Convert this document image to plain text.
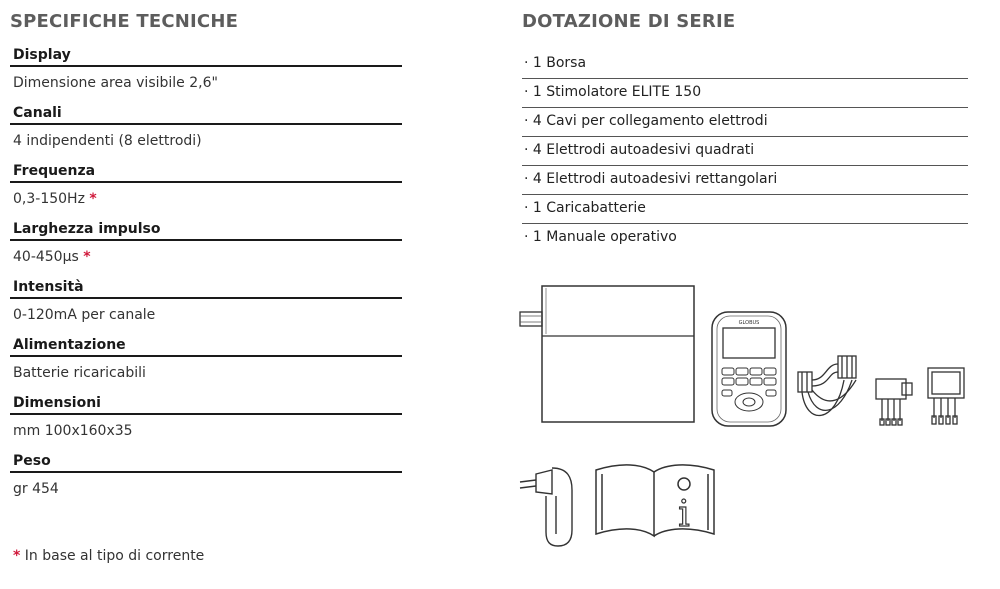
SPECIFICHE TECNICHE
Display
Dimensione area visibile 2,6"
Canali
4 indipendenti (8 elettrodi)
Frequenza
0,3-150Hz *
Larghezza impulso
40-450μs *
Intensità
0-120mA per canale
Alimentazione
Batterie ricaricabili
Dimensioni
mm 100x160x35
Peso
gr 454
* In base al tipo di corrente
DOTAZIONE DI SERIE
· 1 Borsa
· 1 Stimolatore ELITE 150
· 4 Cavi per collegamento elettrodi
· 4 Elettrodi autoadesivi quadrati
· 4 Elettrodi autoadesivi rettangolari
· 1 Caricabatterie
· 1 Manuale operativo
GLOBUS
i
